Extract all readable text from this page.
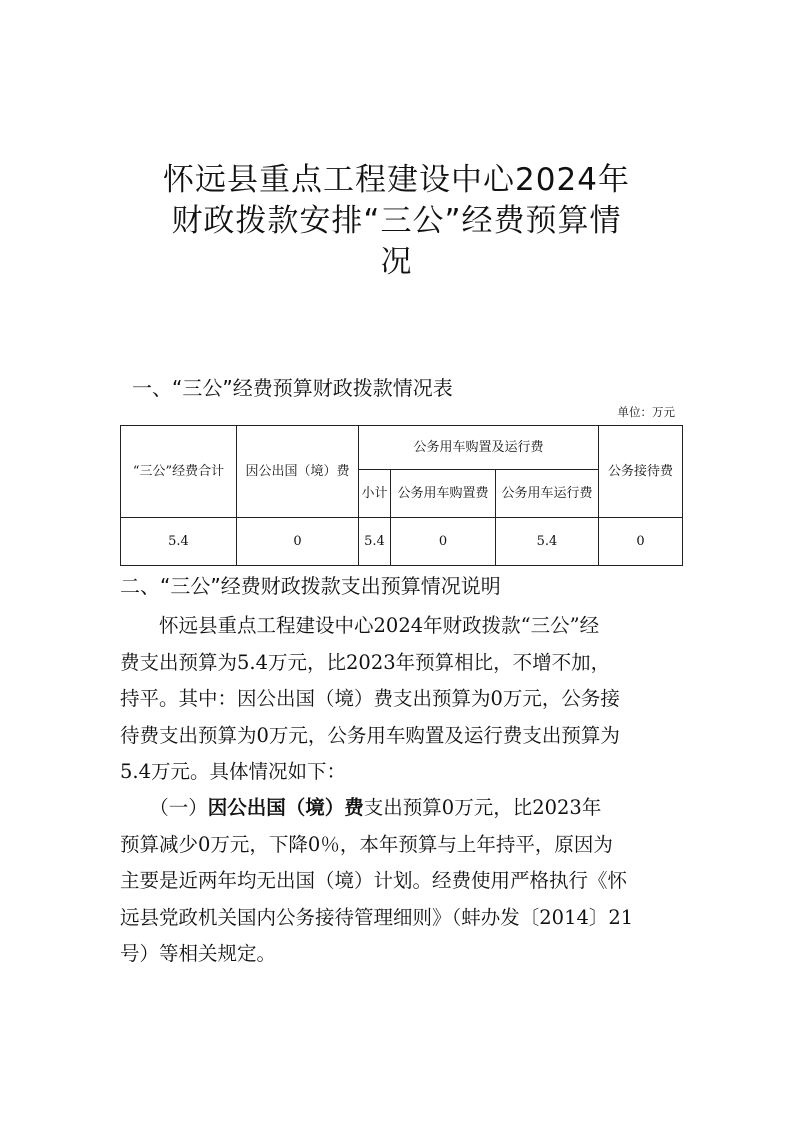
怀远县重点工程建设中心2024年
财政拨款安排“三公”经费预算情
况
一、“三公”经费预算财政拨款情况表
单位：万元
“三公”经费合计	因公出国（境）费	公务用车购置及运行费			公务接待费
		小计	公务用车购置费	公务用车运行费	
5.4	0	5.4	0	5.4	0
二、“三公”经费财政拨款支出预算情况说明
　　怀远县重点工程建设中心2024年财政拨款“三公”经
费支出预算为5.4万元，比2023年预算相比，不增不加，
持平。其中：因公出国（境）费支出预算为0万元，公务接
待费支出预算为0万元，公务用车购置及运行费支出预算为
5.4万元。具体情况如下：
　　（一）因公出国（境）费支出预算0万元，比2023年
预算减少0万元，下降0％，本年预算与上年持平，原因为
主要是近两年均无出国（境）计划。经费使用严格执行《怀
远县党政机关国内公务接待管理细则》（蚌办发〔2014〕21
号）等相关规定。
